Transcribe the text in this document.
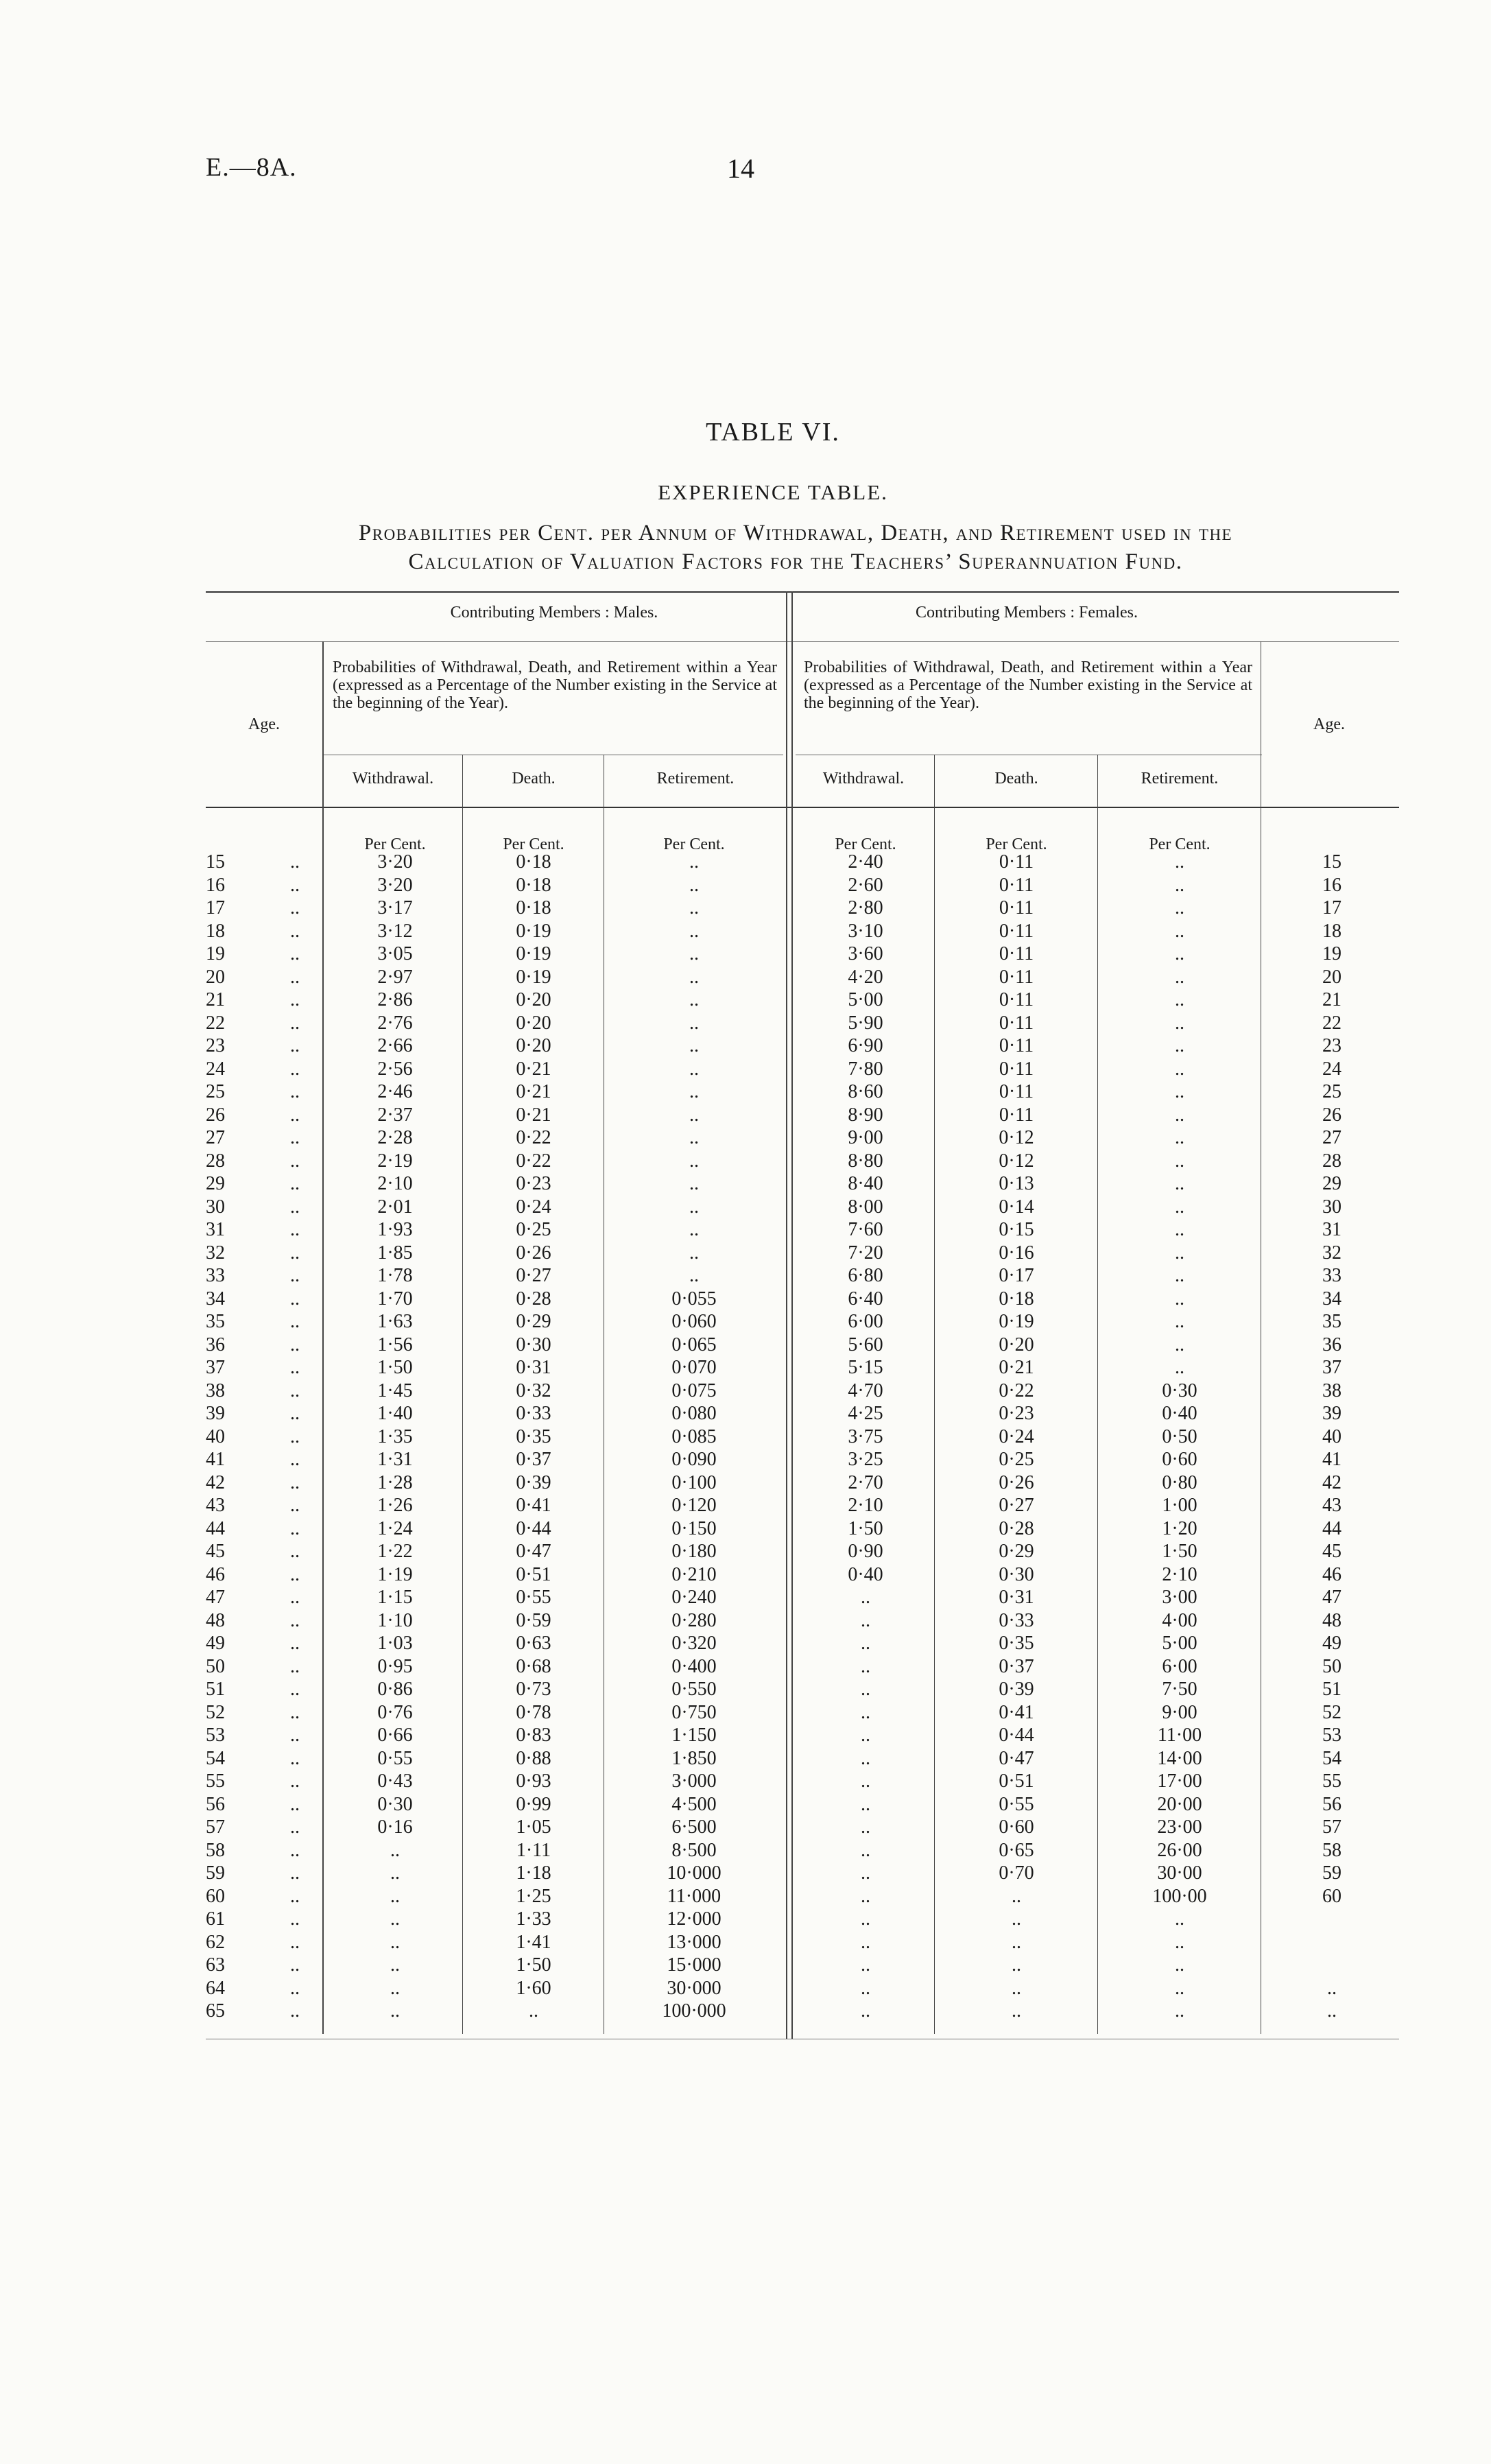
E.—8A.	14
TABLE VI.
EXPERIENCE TABLE.
Probabilities per Cent. per Annum of Withdrawal, Death, and Retirement used in the
Calculation of Valuation Factors for the Teachers’ Superannuation Fund.
Contributing Members : Males.	Contributing Members : Females.
Age.	Age.
Probabilities of Withdrawal, Death, and Retirement within a Year (expressed as a Percentage of the Number existing in the Service at the beginning of the Year).
Probabilities of Withdrawal, Death, and Retirement within a Year (expressed as a Percentage of the Number existing in the Service at the beginning of the Year).
Withdrawal.	Death.	Retirement.	Withdrawal.	Death.	Retirement.
Per Cent.	Per Cent.	Per Cent.	Per Cent.	Per Cent.	Per Cent.
15	..	3·20	0·18	..	2·40	0·11	..	15
16	..	3·20	0·18	..	2·60	0·11	..	16
17	..	3·17	0·18	..	2·80	0·11	..	17
18	..	3·12	0·19	..	3·10	0·11	..	18
19	..	3·05	0·19	..	3·60	0·11	..	19
20	..	2·97	0·19	..	4·20	0·11	..	20
21	..	2·86	0·20	..	5·00	0·11	..	21
22	..	2·76	0·20	..	5·90	0·11	..	22
23	..	2·66	0·20	..	6·90	0·11	..	23
24	..	2·56	0·21	..	7·80	0·11	..	24
25	..	2·46	0·21	..	8·60	0·11	..	25
26	..	2·37	0·21	..	8·90	0·11	..	26
27	..	2·28	0·22	..	9·00	0·12	..	27
28	..	2·19	0·22	..	8·80	0·12	..	28
29	..	2·10	0·23	..	8·40	0·13	..	29
30	..	2·01	0·24	..	8·00	0·14	..	30
31	..	1·93	0·25	..	7·60	0·15	..	31
32	..	1·85	0·26	..	7·20	0·16	..	32
33	..	1·78	0·27	..	6·80	0·17	..	33
34	..	1·70	0·28	0·055	6·40	0·18	..	34
35	..	1·63	0·29	0·060	6·00	0·19	..	35
36	..	1·56	0·30	0·065	5·60	0·20	..	36
37	..	1·50	0·31	0·070	5·15	0·21	..	37
38	..	1·45	0·32	0·075	4·70	0·22	0·30	38
39	..	1·40	0·33	0·080	4·25	0·23	0·40	39
40	..	1·35	0·35	0·085	3·75	0·24	0·50	40
41	..	1·31	0·37	0·090	3·25	0·25	0·60	41
42	..	1·28	0·39	0·100	2·70	0·26	0·80	42
43	..	1·26	0·41	0·120	2·10	0·27	1·00	43
44	..	1·24	0·44	0·150	1·50	0·28	1·20	44
45	..	1·22	0·47	0·180	0·90	0·29	1·50	45
46	..	1·19	0·51	0·210	0·40	0·30	2·10	46
47	..	1·15	0·55	0·240	..	0·31	3·00	47
48	..	1·10	0·59	0·280	..	0·33	4·00	48
49	..	1·03	0·63	0·320	..	0·35	5·00	49
50	..	0·95	0·68	0·400	..	0·37	6·00	50
51	..	0·86	0·73	0·550	..	0·39	7·50	51
52	..	0·76	0·78	0·750	..	0·41	9·00	52
53	..	0·66	0·83	1·150	..	0·44	11·00	53
54	..	0·55	0·88	1·850	..	0·47	14·00	54
55	..	0·43	0·93	3·000	..	0·51	17·00	55
56	..	0·30	0·99	4·500	..	0·55	20·00	56
57	..	0·16	1·05	6·500	..	0·60	23·00	57
58	..	..	1·11	8·500	..	0·65	26·00	58
59	..	..	1·18	10·000	..	0·70	30·00	59
60	..	..	1·25	11·000	..	..	100·00	60
61	..	..	1·33	12·000	..	..	..
62	..	..	1·41	13·000	..	..	..
63	..	..	1·50	15·000	..	..	..
64	..	..	1·60	30·000	..	..	..	..
65	..	..	..	100·000	..	..	..	..
